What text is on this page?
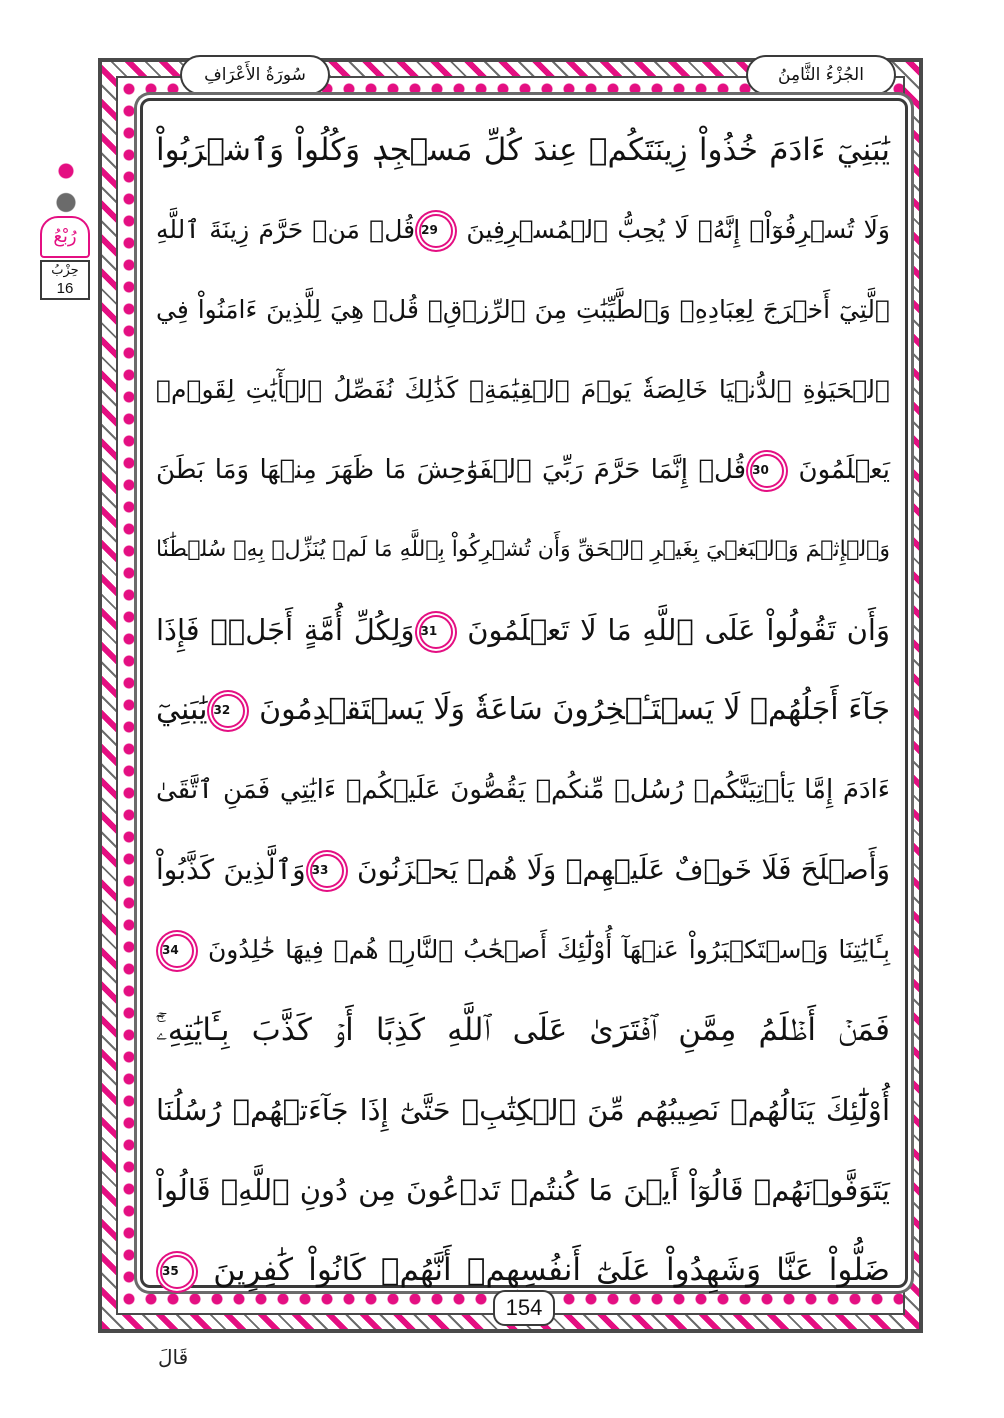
سُورَةُ الأَعْرَافِ	الجُزْءُ الثَّامِنُ
رُبْعُ
حِزْبُ
16
يَٰبَنِيٓ ءَادَمَ خُذُواْ زِينَتَكُمۡ عِندَ كُلِّ مَسۡجِدٖ وَكُلُواْ وَٱشۡرَبُواْ
وَلَا تُسۡرِفُوٓاْۚ إِنَّهُۥ لَا يُحِبُّ ٱلۡمُسۡرِفِينَ 29قُلۡ مَنۡ حَرَّمَ زِينَةَ ٱللَّهِ
ٱلَّتِيٓ أَخۡرَجَ لِعِبَادِهِۦ وَٱلطَّيِّبَٰتِ مِنَ ٱلرِّزۡقِۚ قُلۡ هِيَ لِلَّذِينَ ءَامَنُواْ فِي
ٱلۡحَيَوٰةِ ٱلدُّنۡيَا خَالِصَةٗ يَوۡمَ ٱلۡقِيَٰمَةِۗ كَذَٰلِكَ نُفَصِّلُ ٱلۡأٓيَٰتِ لِقَوۡمٖ
يَعۡلَمُونَ 30قُلۡ إِنَّمَا حَرَّمَ رَبِّيَ ٱلۡفَوَٰحِشَ مَا ظَهَرَ مِنۡهَا وَمَا بَطَنَ
وَٱلۡإِثۡمَ وَٱلۡبَغۡيَ بِغَيۡرِ ٱلۡحَقِّ وَأَن تُشۡرِكُواْ بِٱللَّهِ مَا لَمۡ يُنَزِّلۡ بِهِۦ سُلۡطَٰنٗا
وَأَن تَقُولُواْ عَلَى ٱللَّهِ مَا لَا تَعۡلَمُونَ 31وَلِكُلِّ أُمَّةٍ أَجَلٞۖ فَإِذَا
جَآءَ أَجَلُهُمۡ لَا يَسۡتَـٔۡخِرُونَ سَاعَةٗ وَلَا يَسۡتَقۡدِمُونَ 32يَٰبَنِيٓ
ءَادَمَ إِمَّا يَأۡتِيَنَّكُمۡ رُسُلٞ مِّنكُمۡ يَقُصُّونَ عَلَيۡكُمۡ ءَايَٰتِي فَمَنِ ٱتَّقَىٰ
وَأَصۡلَحَ فَلَا خَوۡفٌ عَلَيۡهِمۡ وَلَا هُمۡ يَحۡزَنُونَ 33وَٱلَّذِينَ كَذَّبُواْ
بِـَٔايَٰتِنَا وَٱسۡتَكۡبَرُواْ عَنۡهَآ أُوْلَٰٓئِكَ أَصۡحَٰبُ ٱلنَّارِۖ هُمۡ فِيهَا خَٰلِدُونَ 34
فَمَنۡ أَظۡلَمُ مِمَّنِ ٱفۡتَرَىٰ عَلَى ٱللَّهِ كَذِبًا أَوۡ كَذَّبَ بِـَٔايَٰتِهِۦٓۚ
أُوْلَٰٓئِكَ يَنَالُهُمۡ نَصِيبُهُم مِّنَ ٱلۡكِتَٰبِۖ حَتَّىٰٓ إِذَا جَآءَتۡهُمۡ رُسُلُنَا
يَتَوَفَّوۡنَهُمۡ قَالُوٓاْ أَيۡنَ مَا كُنتُمۡ تَدۡعُونَ مِن دُونِ ٱللَّهِۖ قَالُواْ
ضَلُّواْ عَنَّا وَشَهِدُواْ عَلَىٰٓ أَنفُسِهِمۡ أَنَّهُمۡ كَانُواْ كَٰفِرِينَ 35
154
قَالَ
